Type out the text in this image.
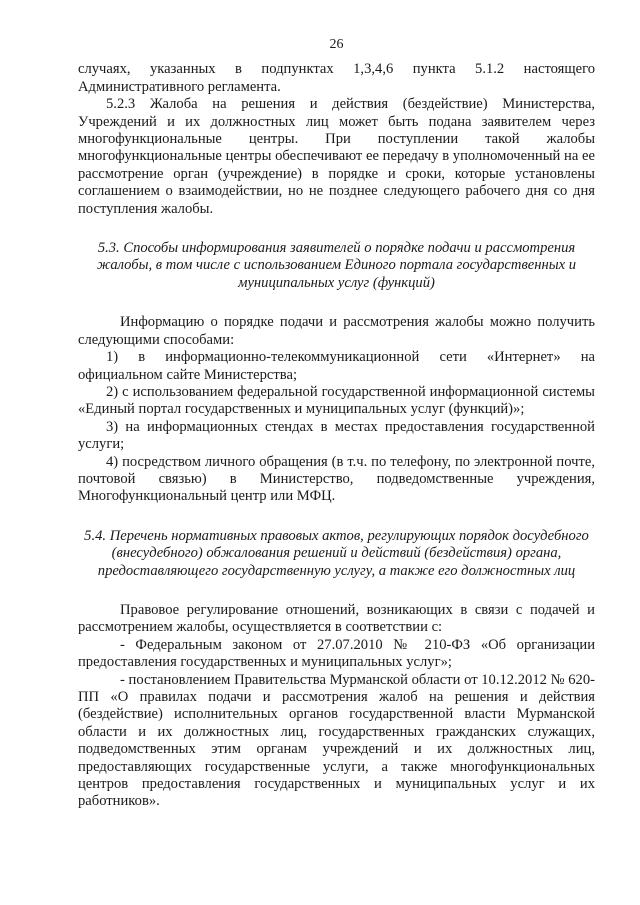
26

случаях, указанных в подпунктах 1,3,4,6 пункта 5.1.2 настоящего Административного регламента.

5.2.3 Жалоба на решения и действия (бездействие) Министерства, Учреждений и их должностных лиц может быть подана заявителем через многофункциональные центры. При поступлении такой жалобы многофункциональные центры обеспечивают ее передачу в уполномоченный на ее рассмотрение орган (учреждение) в порядке и сроки, которые установлены соглашением о взаимодействии, но не позднее следующего рабочего дня со дня поступления жалобы.

5.3. Способы информирования заявителей о порядке подачи и рассмотрения жалобы, в том числе с использованием Единого портала государственных и муниципальных услуг (функций)

Информацию о порядке подачи и рассмотрения жалобы можно получить следующими способами:

1) в информационно-телекоммуникационной сети «Интернет» на официальном сайте Министерства;

2) с использованием федеральной государственной информационной системы «Единый портал государственных и муниципальных услуг (функций)»;

3) на информационных стендах в местах предоставления государственной услуги;

4) посредством личного обращения (в т.ч. по телефону, по электронной почте, почтовой связью) в Министерство, подведомственные учреждения, Многофункциональный центр или МФЦ.

5.4. Перечень нормативных правовых актов, регулирующих порядок досудебного (внесудебного) обжалования решений и действий (бездействия) органа, предоставляющего государственную услугу, а также его должностных лиц

Правовое регулирование отношений, возникающих в связи с подачей и рассмотрением жалобы, осуществляется в соответствии с:

- Федеральным законом от 27.07.2010 № 210-ФЗ «Об организации предоставления государственных и муниципальных услуг»;

- постановлением Правительства Мурманской области от 10.12.2012 № 620-ПП «О правилах подачи и рассмотрения жалоб на решения и действия (бездействие) исполнительных органов государственной власти Мурманской области и их должностных лиц, государственных гражданских служащих, подведомственных этим органам учреждений и их должностных лиц, предоставляющих государственные услуги, а также многофункциональных центров предоставления государственных и муниципальных услуг и их работников».
